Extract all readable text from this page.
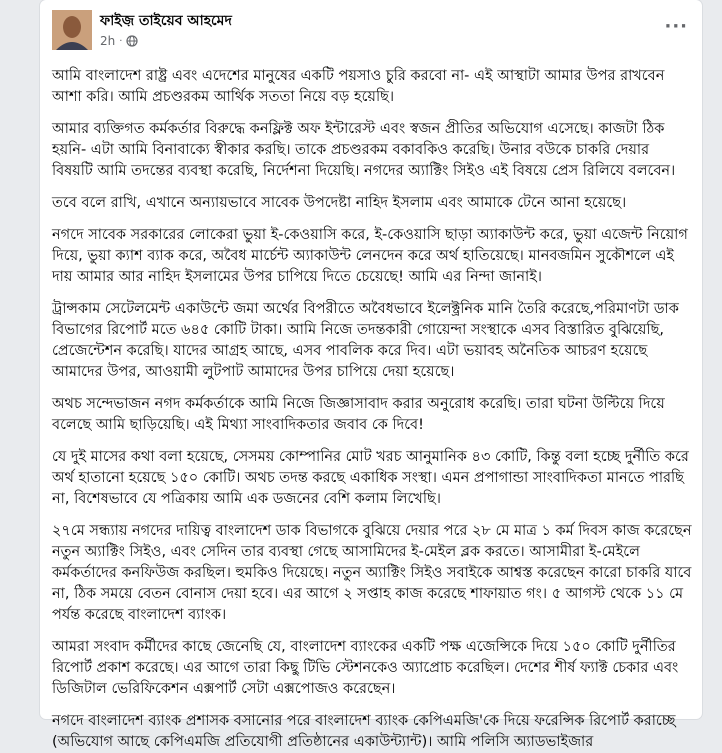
ফাইজ় তাইয়েব আহমেদ
2h ·
···

আমি বাংলাদেশ রাষ্ট্র এবং এদেশের মানুষের একটি পয়সাও চুরি করবো না- এই আস্থাটা আমার উপর রাখবেন আশা করি। আমি প্রচণ্ডরকম আর্থিক সততা নিয়ে বড় হয়েছি।

আমার ব্যক্তিগত কর্মকর্তার বিরুদ্ধে কনফ্লিক্ট অফ ইন্টারেস্ট এবং স্বজন প্রীতির অভিযোগ এসেছে। কাজটা ঠিক হয়নি- এটা আমি বিনাবাক্যে স্বীকার করছি। তাকে প্রচণ্ডরকম বকাবকিও করেছি। উনার বউকে চাকরি দেয়ার বিষয়টি আমি তদন্তের ব্যবস্থা করেছি, নির্দেশনা দিয়েছি। নগদের অ্যাক্টিং সিইও এই বিষয়ে প্রেস রিলিযে বলবেন।

তবে বলে রাখি, এখানে অন্যায়ভাবে সাবেক উপদেষ্টা নাহিদ ইসলাম এবং আমাকে টেনে আনা হয়েছে।

নগদে সাবেক সরকারের লোকেরা ভুয়া ই-কেওয়াসি করে, ই-কেওয়াসি ছাড়া অ্যাকাউন্ট করে, ভুয়া এজেন্ট নিয়োগ দিয়ে, ভুয়া ক্যাশ ব্যাক করে, অবৈধ মার্চেন্ট অ্যাকাউন্ট লেনদেন করে অর্থ হাতিয়েছে। মানবজমিন সুকৌশলে এই দায় আমার আর নাহিদ ইসলামের উপর চাপিয়ে দিতে চেয়েছে! আমি এর নিন্দা জানাই।

ট্রান্সকাম সেটেলমেন্ট একাউন্টে জমা অর্থের বিপরীতে অবৈধভাবে ইলেক্ট্রনিক মানি তৈরি করেছে,পরিমাণটা ডাক বিভাগের রিপোর্ট মতে ৬৪৫ কোটি টাকা। আমি নিজে তদন্তকারী গোয়েন্দা সংস্থাকে এসব বিস্তারিত বুঝিয়েছি, প্রেজেন্টেশন করেছি। যাদের আগ্রহ আছে, এসব পাবলিক করে দিব। এটা ভয়াবহ অনৈতিক আচরণ হয়েছে আমাদের উপর, আওয়ামী লুটপাট আমাদের উপর চাপিয়ে দেয়া হয়েছে।

অথচ সন্দেভাজন নগদ কর্মকর্তাকে আমি নিজে জিজ্ঞাসাবাদ করার অনুরোধ করেছি। তারা ঘটনা উল্টিয়ে দিয়ে বলেছে আমি ছাড়িয়েছি। এই মিথ্যা সাংবাদিকতার জবাব কে দিবে!

যে দুই মাসের কথা বলা হয়েছে, সেসময় কোম্পানির মোট খরচ আনুমানিক ৪৩ কোটি, কিন্তু বলা হচ্ছে দুর্নীতি করে অর্থ হাতানো হয়েছে ১৫০ কোটি। অথচ তদন্ত করছে একাধিক সংস্থা। এমন প্রপাগান্ডা সাংবাদিকতা মানতে পারছি না, বিশেষভাবে যে পত্রিকায় আমি এক ডজনের বেশি কলাম লিখেছি।

২৭মে সন্ধ্যায় নগদের দায়িত্ব বাংলাদেশ ডাক বিভাগকে বুঝিয়ে দেয়ার পরে ২৮ মে মাত্র ১ কর্ম দিবস কাজ করেছেন নতুন অ্যাক্টিং সিইও, এবং সেদিন তার ব্যবস্থা গেছে আসামিদের ই-মেইল ব্লক করতে। আসামীরা ই-মেইলে কর্মকর্তাদের কনফিউজ করছিল। হুমকিও দিয়েছে। নতুন অ্যাক্টিং সিইও সবাইকে আশ্বস্ত করেছেন কারো চাকরি যাবে না, ঠিক সময়ে বেতন বোনাস দেয়া হবে। এর আগে ২ সপ্তাহ কাজ করেছে শাফায়াত গং। ৫ আগস্ট থেকে ১১ মে পর্যন্ত করেছে বাংলাদেশ ব্যাংক।

আমরা সংবাদ কর্মীদের কাছে জেনেছি যে, বাংলাদেশ ব্যাংকের একটি পক্ষ এজেন্সিকে দিয়ে ১৫০ কোটি দুর্নীতির রিপোর্ট প্রকাশ করেছে। এর আগে তারা কিছু টিভি স্টেশনকেও অ্যাপ্রোচ করেছিল। দেশের শীর্ষ ফ্যাক্ট চেকার এবং ডিজিটাল ভেরিফিকেশন এক্সপার্ট সেটা এক্সপোজও করেছেন।

নগদে বাংলাদেশ ব্যাংক প্রশাসক বসানোর পরে বাংলাদেশ ব্যাংক কেপিএমজি'কে দিয়ে ফরেন্সিক রিপোর্ট করাচ্ছে (অভিযোগ আছে কেপিএমজি প্রতিযোগী প্রতিষ্ঠানের একাউন্ট্যান্ট)। আমি পলিসি অ্যাডভাইজার
